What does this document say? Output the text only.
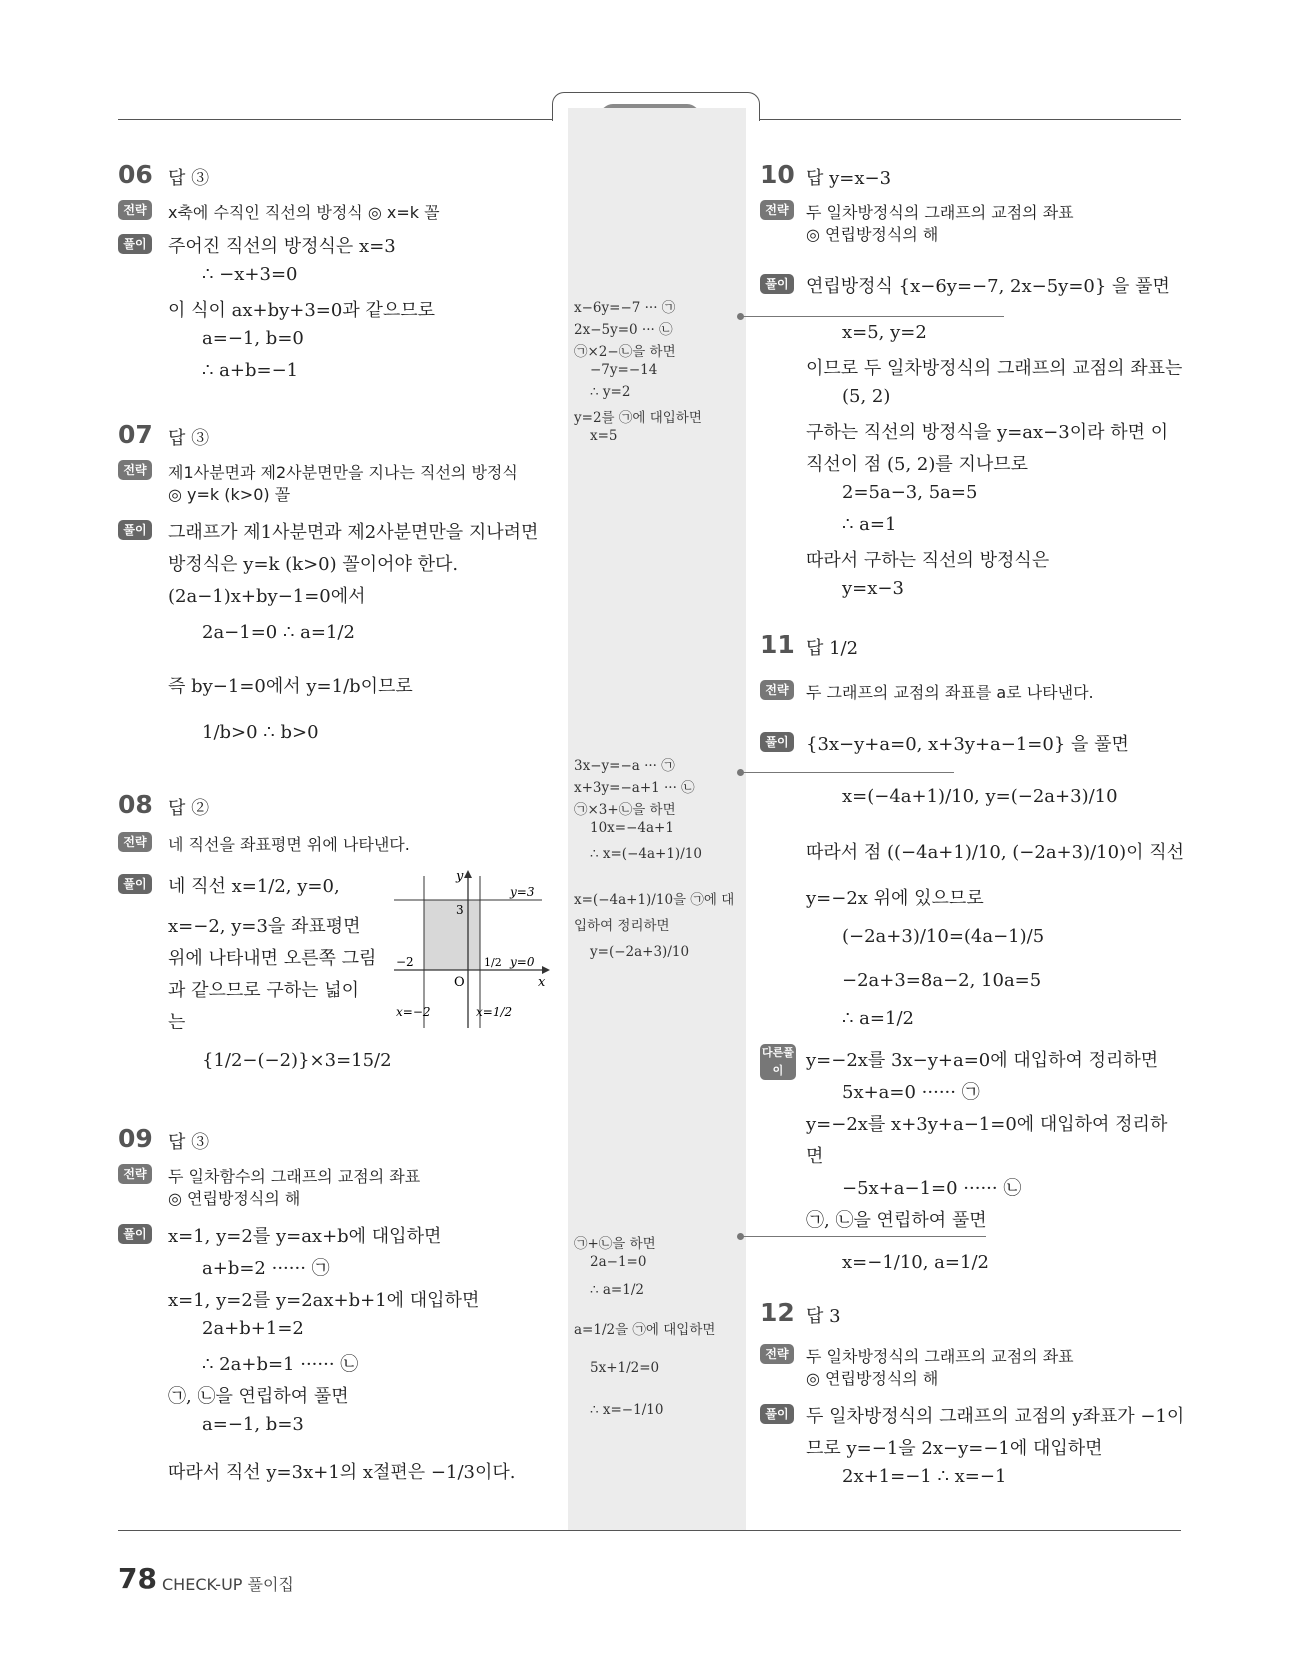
06 답 ③
전략	x축에 수직인 직선의 방정식 ◎ x=k 꼴
풀이	주어진 직선의 방정식은 x=3
∴ −x+3=0
이 식이 ax+by+3=0과 같으므로
a=−1, b=0
∴ a+b=−1
07 답 ③
전략	제1사분면과 제2사분면만을 지나는 직선의 방정식
◎ y=k (k>0) 꼴
풀이	그래프가 제1사분면과 제2사분면만을 지나려면
방정식은 y=k (k>0) 꼴이어야 한다.
(2a−1)x+by−1=0에서
2a−1=0 ∴ a=1/2
즉 by−1=0에서 y=1/b이므로
1/b>0 ∴ b>0
08 답 ②
전략	네 직선을 좌표평면 위에 나타낸다.
풀이	네 직선 x=1/2, y=0,
x=−2, y=3을 좌표평면
위에 나타내면 오른쪽 그림
과 같으므로 구하는 넓이
는
{1/2−(−2)}×3=15/2
y
x
O
y=3
y=0
3
−2	1/2
x=−2	x=1/2
09 답 ③
전략	두 일차함수의 그래프의 교점의 좌표
◎ 연립방정식의 해
풀이	x=1, y=2를 y=ax+b에 대입하면
a+b=2 ······ ㉠
x=1, y=2를 y=2ax+b+1에 대입하면
2a+b+1=2
∴ 2a+b=1 ······ ㉡
㉠, ㉡을 연립하여 풀면
a=−1, b=3
따라서 직선 y=3x+1의 x절편은 −1/3이다.
x−6y=−7 ··· ㉠
2x−5y=0 ··· ㉡
㉠×2−㉡을 하면
−7y=−14
∴ y=2
y=2를 ㉠에 대입하면
x=5
3x−y=−a ··· ㉠
x+3y=−a+1 ··· ㉡
㉠×3+㉡을 하면
10x=−4a+1
∴ x=(−4a+1)/10
x=(−4a+1)/10을 ㉠에 대
입하여 정리하면
y=(−2a+3)/10
㉠+㉡을 하면
2a−1=0
∴ a=1/2
a=1/2을 ㉠에 대입하면
5x+1/2=0
∴ x=−1/10
10 답 y=x−3
전략	두 일차방정식의 그래프의 교점의 좌표
◎ 연립방정식의 해
풀이 연립방정식 {x−6y=−7, 2x−5y=0} 을 풀면
x=5, y=2
이므로 두 일차방정식의 그래프의 교점의 좌표는
(5, 2)
구하는 직선의 방정식을 y=ax−3이라 하면 이
직선이 점 (5, 2)를 지나므로
2=5a−3, 5a=5
∴ a=1
따라서 구하는 직선의 방정식은
y=x−3
11 답 1/2
전략	두 그래프의 교점의 좌표를 a로 나타낸다.
풀이 {3x−y+a=0, x+3y+a−1=0} 을 풀면
x=(−4a+1)/10, y=(−2a+3)/10
따라서 점 ((−4a+1)/10, (−2a+3)/10)이 직선
y=−2x 위에 있으므로
(−2a+3)/10=(4a−1)/5
−2a+3=8a−2, 10a=5
∴ a=1/2
다른풀이	y=−2x를 3x−y+a=0에 대입하여 정리하면
5x+a=0 ······ ㉠
y=−2x를 x+3y+a−1=0에 대입하여 정리하
면
−5x+a−1=0 ······ ㉡
㉠, ㉡을 연립하여 풀면
x=−1/10, a=1/2
12 답 3
전략	두 일차방정식의 그래프의 교점의 좌표
◎ 연립방정식의 해
풀이 두 일차방정식의 그래프의 교점의 y좌표가 −1이
므로 y=−1을 2x−y=−1에 대입하면
2x+1=−1 ∴ x=−1
78 CHECK-UP 풀이집
